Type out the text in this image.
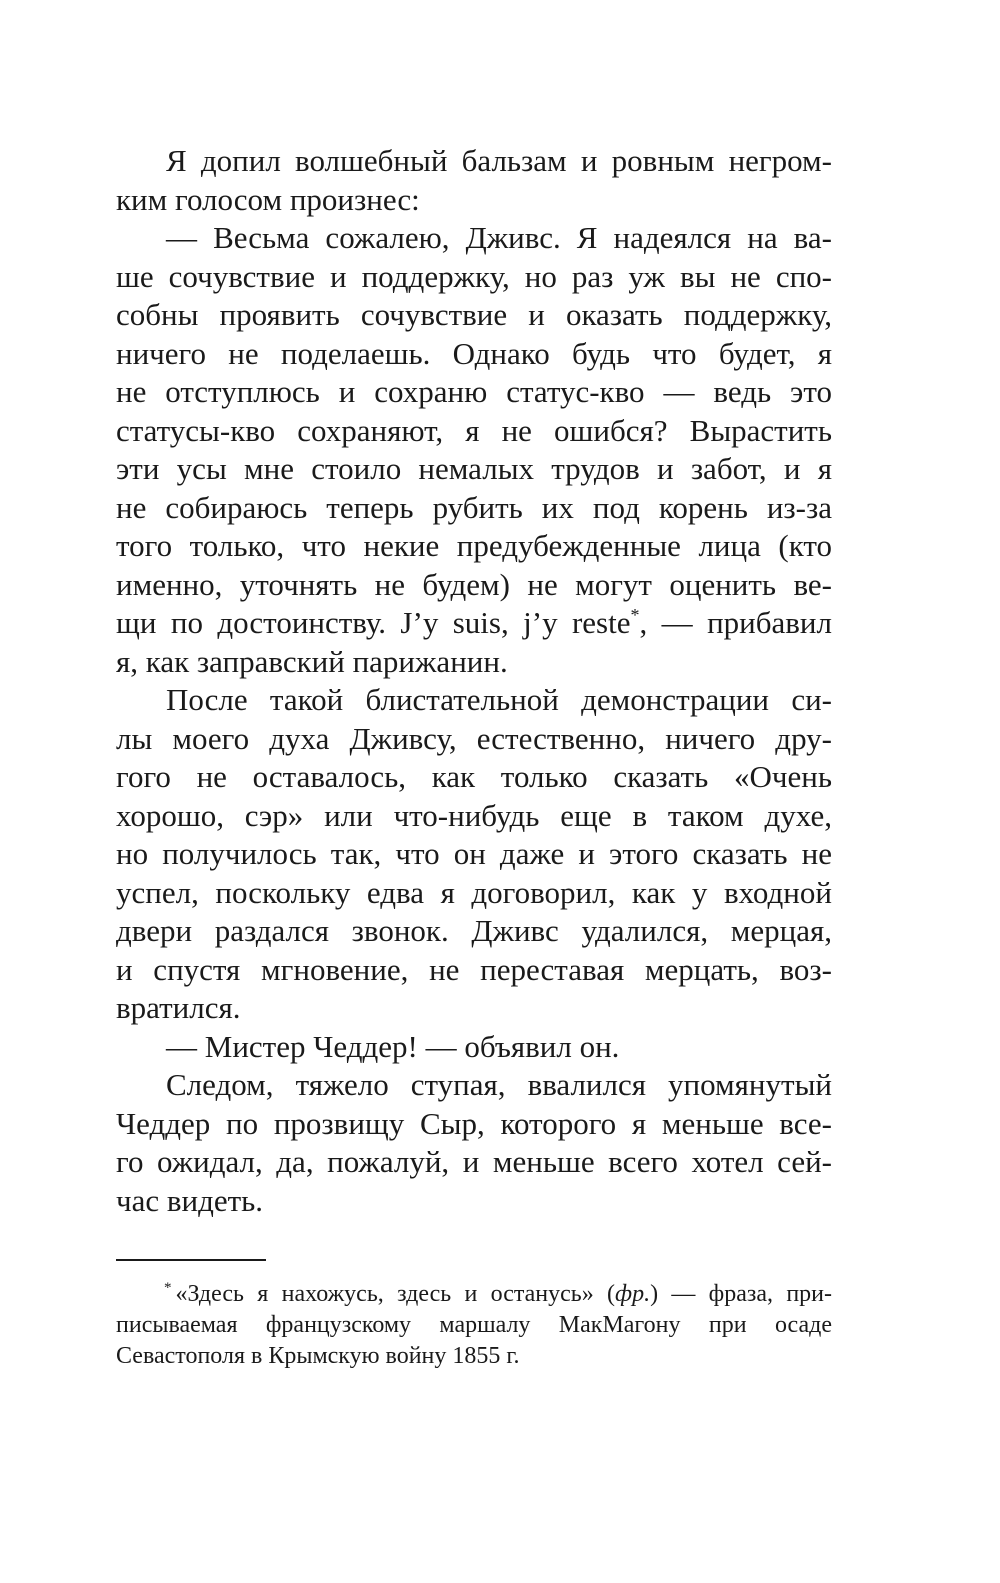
Я допил волшебный бальзам и ровным негром-
ким голосом произнес:
— Весьма сожалею, Дживс. Я надеялся на ва-
ше сочувствие и поддержку, но раз уж вы не спо-
собны проявить сочувствие и оказать поддержку,
ничего не поделаешь. Однако будь что будет, я
не отступлюсь и сохраню статус-кво — ведь это
статусы-кво сохраняют, я не ошибся? Вырастить
эти усы мне стоило немалых трудов и забот, и я
не собираюсь теперь рубить их под корень из-за
того только, что некие предубежденные лица (кто
именно, уточнять не будем) не могут оценить ве-
щи по достоинству. J’y suis, j’y reste*, — прибавил
я, как заправский парижанин.
После такой блистательной демонстрации си-
лы моего духа Дживсу, естественно, ничего дру-
гого не оставалось, как только сказать «Очень
хорошо, сэр» или что-нибудь еще в таком духе,
но получилось так, что он даже и этого сказать не
успел, поскольку едва я договорил, как у входной
двери раздался звонок. Дживс удалился, мерцая,
и спустя мгновение, не переставая мерцать, воз-
вратился.
— Мистер Чеддер! — объявил он.
Следом, тяжело ступая, ввалился упомянутый
Чеддер по прозвищу Сыр, которого я меньше все-
го ожидал, да, пожалуй, и меньше всего хотел сей-
час видеть.
* «Здесь я нахожусь, здесь и останусь» (фр.) — фраза, при-
писываемая французскому маршалу МакМагону при осаде
Севастополя в Крымскую войну 1855 г.
